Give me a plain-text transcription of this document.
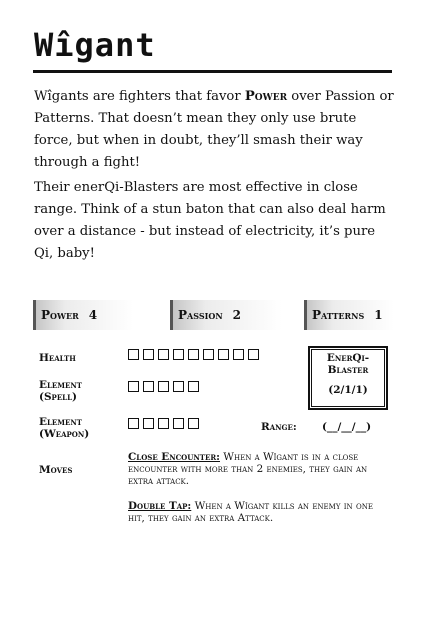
Wîgant

Wîgants are fighters that favor Power over Passion or Patterns. That doesn’t mean they only use brute force, but when in doubt, they’ll smash their way through a fight!

Their enerQi-Blasters are most effective in close range. Think of a stun baton that can also deal harm over a distance - but instead of electricity, it’s pure Qi, baby!

Power 4	Passion 2	Patterns 1
Health
Element
(Spell)
Element
(Weapon)
EnerQi-
Blaster
(2/1/1)
Range: (__/__/__)
Moves

Close Encounter: When a Wîgant is in a close encounter with more than 2 enemies, they gain an extra attack.

Double Tap: When a Wîgant kills an enemy in one hit, they gain an extra Attack.
